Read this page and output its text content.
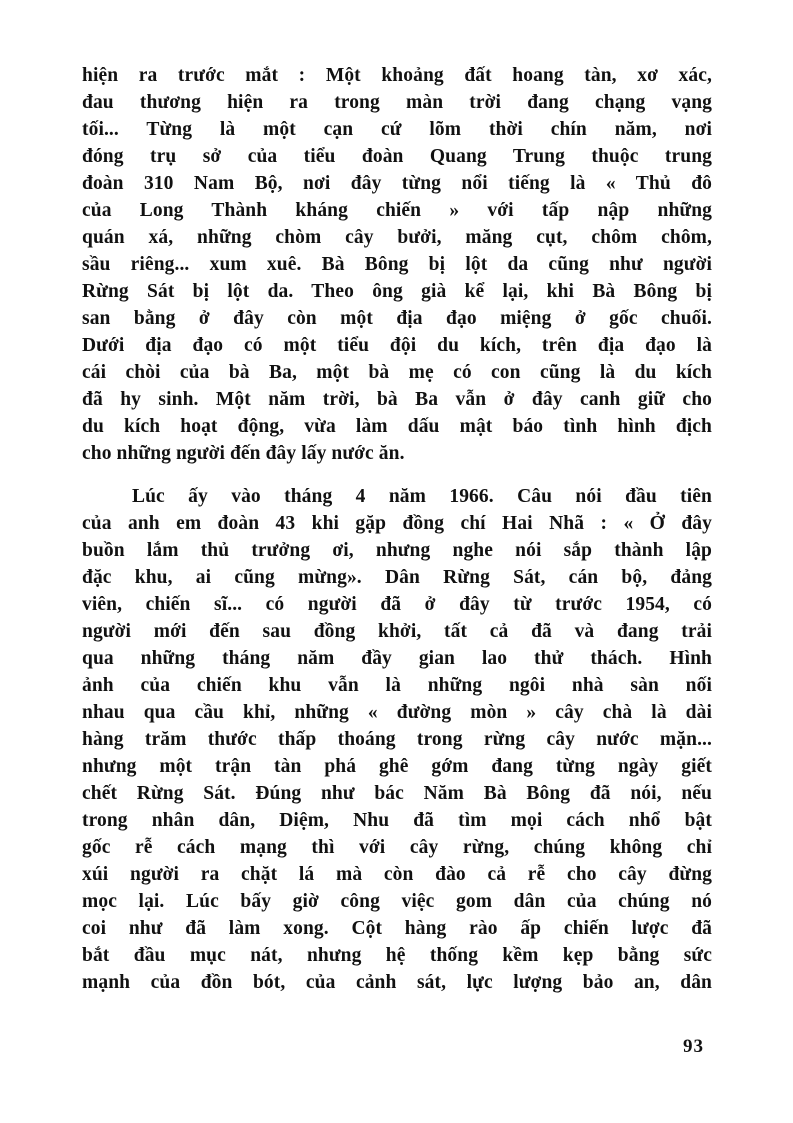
hiện ra trước mắt : Một khoảng đất hoang tàn, xơ xác,
đau thương hiện ra trong màn trời đang chạng vạng
tối... Từng là một cạn cứ lõm thời chín năm, nơi
đóng trụ sở của tiểu đoàn Quang Trung thuộc trung
đoàn 310 Nam Bộ, nơi đây từng nổi tiếng là « Thủ đô
của Long Thành kháng chiến » với tấp nập những
quán xá, những chòm cây bưởi, măng cụt, chôm chôm,
sầu riêng... xum xuê. Bà Bông bị lột da cũng như người
Rừng Sát bị lột da. Theo ông già kể lại, khi Bà Bông bị
san bằng ở đây còn một địa đạo miệng ở gốc chuối.
Dưới địa đạo có một tiểu đội du kích, trên địa đạo là
cái chòi của bà Ba, một bà mẹ có con cũng là du kích
đã hy sinh. Một năm trời, bà Ba vẫn ở đây canh giữ cho
du kích hoạt động, vừa làm dấu mật báo tình hình địch
cho những người đến đây lấy nước ăn.
Lúc ấy vào tháng 4 năm 1966. Câu nói đầu tiên
của anh em đoàn 43 khi gặp đồng chí Hai Nhã : « Ở đây
buồn lắm thủ trưởng ơi, nhưng nghe nói sắp thành lập
đặc khu, ai cũng mừng». Dân Rừng Sát, cán bộ, đảng
viên, chiến sĩ... có người đã ở đây từ trước 1954, có
người mới đến sau đồng khởi, tất cả đã và đang trải
qua những tháng năm đầy gian lao thử thách. Hình
ảnh của chiến khu vẫn là những ngôi nhà sàn nối
nhau qua cầu khỉ, những « đường mòn » cây chà là dài
hàng trăm thước thấp thoáng trong rừng cây nước mặn...
nhưng một trận tàn phá ghê gớm đang từng ngày giết
chết Rừng Sát. Đúng như bác Năm Bà Bông đã nói, nếu
trong nhân dân, Diệm, Nhu đã tìm mọi cách nhổ bật
gốc rễ cách mạng thì với cây rừng, chúng không chỉ
xúi người ra chặt lá mà còn đào cả rễ cho cây đừng
mọc lại. Lúc bấy giờ công việc gom dân của chúng nó
coi như đã làm xong. Cột hàng rào ấp chiến lược đã
bắt đầu mục nát, nhưng hệ thống kềm kẹp bằng sức
mạnh của đồn bót, của cảnh sát, lực lượng bảo an, dân
93
